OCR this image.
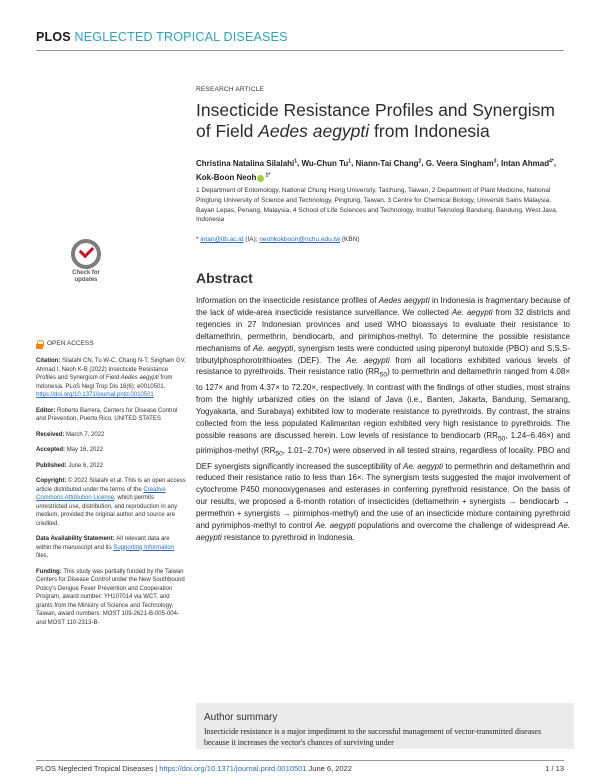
PLOS NEGLECTED TROPICAL DISEASES
RESEARCH ARTICLE
Insecticide Resistance Profiles and Synergism
of Field Aedes aegypti from Indonesia
Christina Natalina Silalahi$^1$, Wu-Chun Tu$^1$, Niann-Tai Chang$^2$, G. Veera Singham$^3$, Intan Ahmad$^{4*}$, Kok-Boon Neoh $^{1*}$
1 Department of Entomology, National Chung Hsing University, Taichung, Taiwan, 2 Department of Plant Medicine, National Pingtung University of Science and Technology, Pingtung, Taiwan, 3 Centre for Chemical Biology, Universiti Sains Malaysia, Bayan Lepas, Penang, Malaysia, 4 School of Life Sciences and Technology, Institut Teknologi Bandung, Bandung, West Java, Indonesia
* intan@itb.ac.id (IA); neohkokboon@nchu.edu.tw (KBN)
Check for
updates
OPEN ACCESS
Citation: Silalahi CN, Tu W-C, Chang N-T, Singham GV, Ahmad I, Neoh K-B (2022) Insecticide Resistance Profiles and Synergism of Field Aedes aegypti from Indonesia. PLoS Negl Trop Dis 16(6): e0010501. https://doi.org/10.1371/journal.pntd.0010501
Editor: Roberto Barrera, Centers for Disease Control and Prevention, Puerto Rico, UNITED STATES
Received: March 7, 2022
Accepted: May 16, 2022
Published: June 6, 2022
Copyright: © 2022 Silalahi et al. This is an open access article distributed under the terms of the Creative Commons Attribution License, which permits unrestricted use, distribution, and reproduction in any medium, provided the original author and source are credited.
Data Availability Statement: All relevant data are within the manuscript and its Supporting Information files.
Funding: This study was partially funded by the Taiwan Centers for Disease Control under the New Southbound Policy's Dengue Fever Prevention and Cooperation Program, award number: YH107014 via WCT, and grants from the Ministry of Science and Technology, Taiwan, award numbers: MOST 109-2621-B-005-004- and MOST 110-2313-B-
Abstract

Information on the insecticide resistance profiles of Aedes aegypti in Indonesia is fragmentary because of the lack of wide-area insecticide resistance surveillance. We collected Ae. aegypti from 32 districts and regencies in 27 Indonesian provinces and used WHO bioassays to evaluate their resistance to deltamethrin, permethrin, bendiocarb, and pirimiphos-methyl. To determine the possible resistance mechanisms of Ae. aegypti, synergism tests were conducted using piperonyl butoxide (PBO) and S,S,S-tributylphosphorotrithioates (DEF). The Ae. aegypti from all locations exhibited various levels of resistance to pyrethroids. Their resistance ratio $(RR_{50})$ to permethrin and deltamethrin ranged from 4.08× to 127× and from 4.37× to 72.20×, respectively. In contrast with the findings of other studies, most strains from the highly urbanized cities on the island of Java (i.e., Banten, Jakarta, Bandung, Semarang, Yogyakarta, and Surabaya) exhibited low to moderate resistance to pyrethroids. By contrast, the strains collected from the less populated Kalimantan region exhibited very high resistance to pyrethroids. The possible reasons are discussed herein. Low levels of resistance to bendiocarb ($RR_{50}$, 1.24–6.46×) and pirimiphos-methyl ($RR_{50}$, 1.01–2.70×) were observed in all tested strains, regardless of locality. PBO and DEF synergists significantly increased the susceptibility of Ae. aegypti to permethrin and deltamethrin and reduced their resistance ratio to less than 16×. The synergism tests suggested the major involvement of cytochrome P450 monooxygenases and esterases in conferring pyrethroid resistance. On the basis of our results, we proposed a 6-month rotation of insecticides (deltamethrin + synergists → bendiocarb → permethrin + synergists → pirimiphos-methyl) and the use of an insecticide mixture containing pyrethroid and pyrimiphos-methyl to control Ae. aegypti populations and overcome the challenge of widespread Ae. aegypti resistance to pyrethroid in Indonesia.

Author summary
Insecticide resistance is a major impediment to the successful management of vector-transmitted diseases because it increases the vector's chances of surviving under
PLOS Neglected Tropical Diseases | https://doi.org/10.1371/journal.pntd.0010501 June 6, 2022	1 / 13
